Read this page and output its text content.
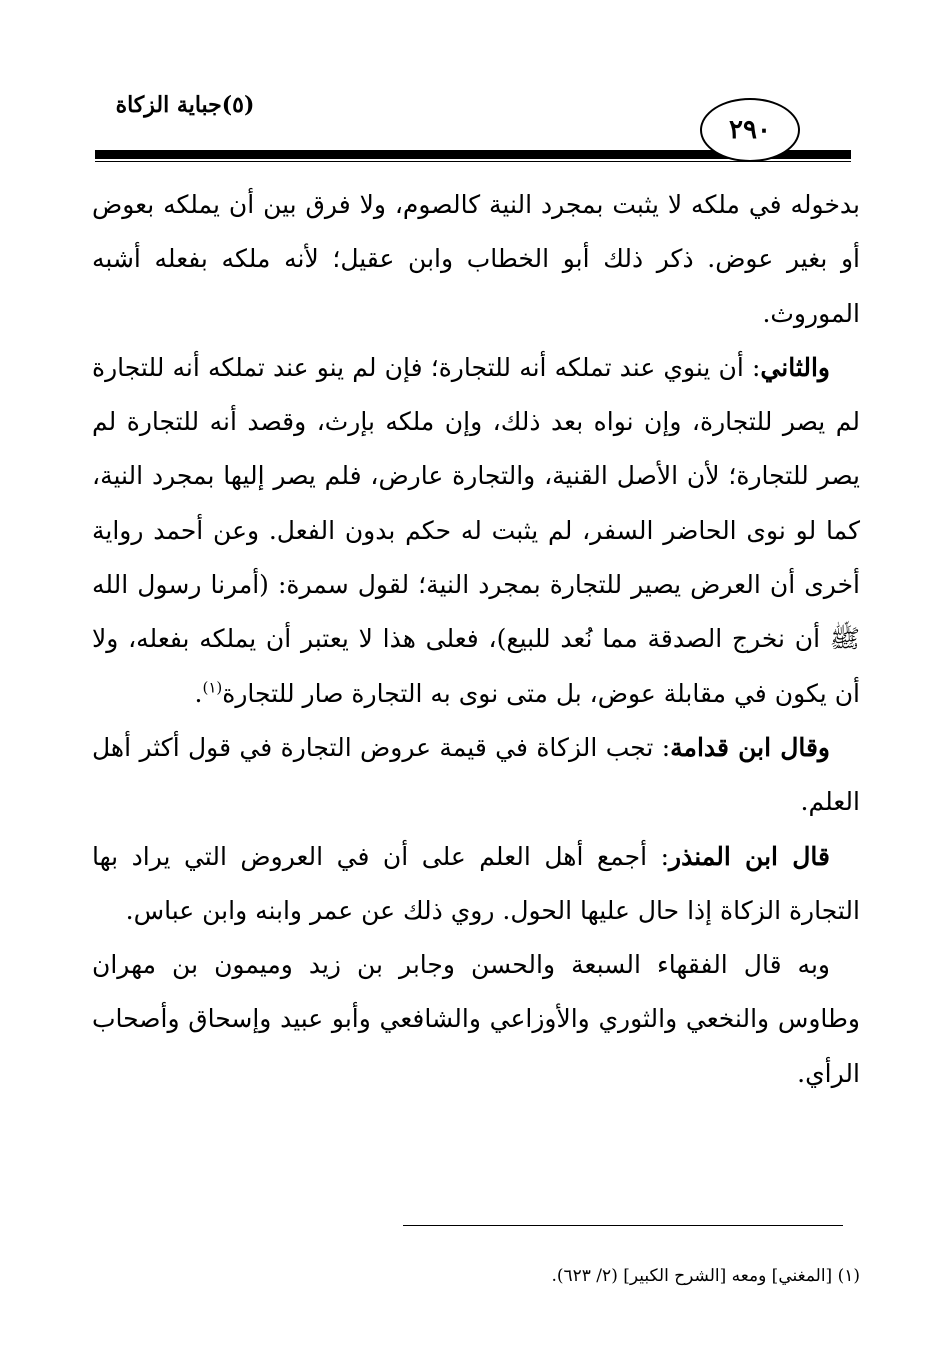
(٥)جباية الزكاة
٢٩٠

بدخوله في ملكه لا يثبت بمجرد النية كالصوم، ولا فرق بين أن يملكه بعوض أو بغير عوض. ذكر ذلك أبو الخطاب وابن عقيل؛ لأنه ملكه بفعله أشبه الموروث.

والثاني: أن ينوي عند تملكه أنه للتجارة؛ فإن لم ينو عند تملكه أنه للتجارة لم يصر للتجارة، وإن نواه بعد ذلك، وإن ملكه بإرث، وقصد أنه للتجارة لم يصر للتجارة؛ لأن الأصل القنية، والتجارة عارض، فلم يصر إليها بمجرد النية، كما لو نوى الحاضر السفر، لم يثبت له حكم بدون الفعل. وعن أحمد رواية أخرى أن العرض يصير للتجارة بمجرد النية؛ لقول سمرة: (أمرنا رسول الله ﷺ أن نخرج الصدقة مما نُعد للبيع)، فعلى هذا لا يعتبر أن يملكه بفعله، ولا أن يكون في مقابلة عوض، بل متى نوى به التجارة صار للتجارة$^{(١)}$.

وقال ابن قدامة: تجب الزكاة في قيمة عروض التجارة في قول أكثر أهل العلم.

قال ابن المنذر: أجمع أهل العلم على أن في العروض التي يراد بها التجارة الزكاة إذا حال عليها الحول. روي ذلك عن عمر وابنه وابن عباس.

وبه قال الفقهاء السبعة والحسن وجابر بن زيد وميمون بن مهران وطاوس والنخعي والثوري والأوزاعي والشافعي وأبو عبيد وإسحاق وأصحاب الرأي.

(١) [المغني] ومعه [الشرح الكبير] (٢/ ٦٢٣).
